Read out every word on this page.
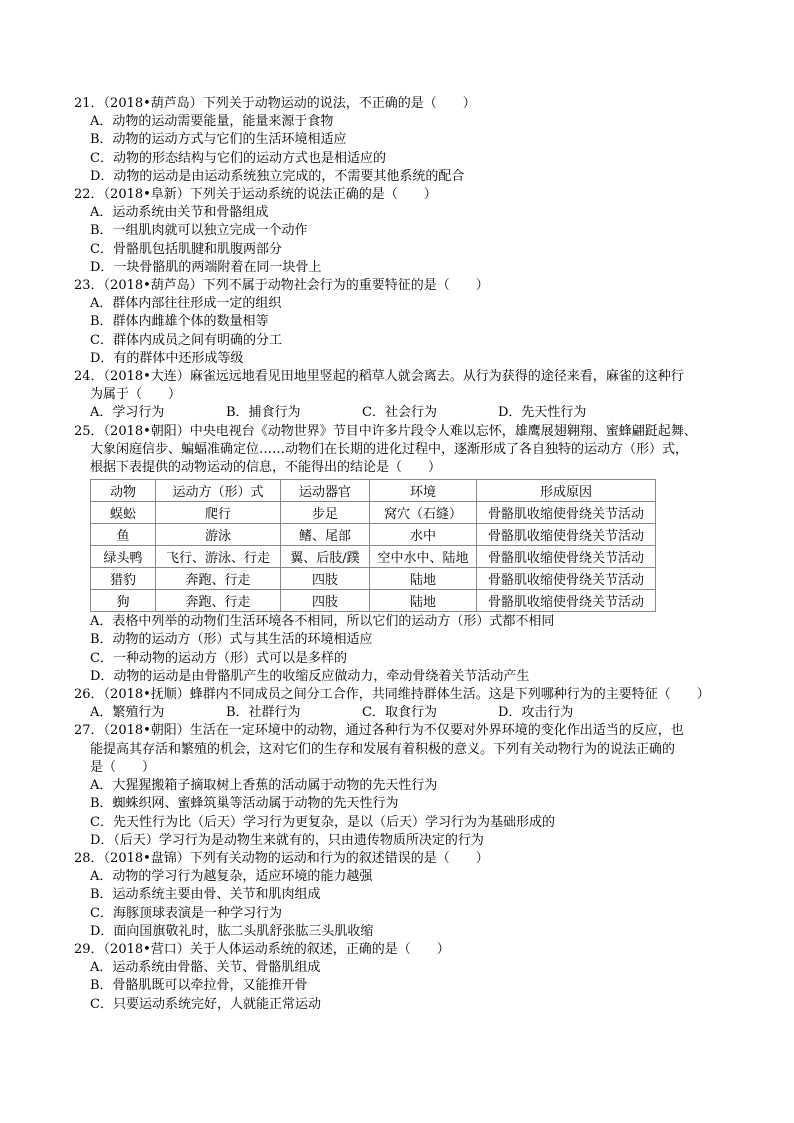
21．（2018•葫芦岛）下列关于动物运动的说法，不正确的是（　　）
A．动物的运动需要能量，能量来源于食物
B．动物的运动方式与它们的生活环境相适应
C．动物的形态结构与它们的运动方式也是相适应的
D．动物的运动是由运动系统独立完成的，不需要其他系统的配合
22．（2018•阜新）下列关于运动系统的说法正确的是（　　）
A．运动系统由关节和骨骼组成
B．一组肌肉就可以独立完成一个动作
C．骨骼肌包括肌腱和肌腹两部分
D．一块骨骼肌的两端附着在同一块骨上
23．（2018•葫芦岛）下列不属于动物社会行为的重要特征的是（　　）
A．群体内部往往形成一定的组织
B．群体内雌雄个体的数量相等
C．群体内成员之间有明确的分工
D．有的群体中还形成等级
24．（2018•大连）麻雀远远地看见田地里竖起的稻草人就会离去。从行为获得的途径来看，麻雀的这种行
为属于（　　）
A．学习行为	B．捕食行为	C．社会行为	D．先天性行为
25．（2018•朝阳）中央电视台《动物世界》节目中许多片段令人难以忘怀，雄鹰展翅翱翔、蜜蜂翩跹起舞、
大象闲庭信步、蝙蝠准确定位……动物们在长期的进化过程中，逐渐形成了各自独特的运动方（形）式，
根据下表提供的动物运动的信息，不能得出的结论是（　　）
动物	运动方（形）式	运动器官	环境	形成原因
蜈蚣	爬行	步足	窝穴（石缝）	骨骼肌收缩使骨绕关节活动
鱼	游泳	鳍、尾部	水中	骨骼肌收缩使骨绕关节活动
绿头鸭	飞行、游泳、行走	翼、后肢/蹼	空中水中、陆地	骨骼肌收缩使骨绕关节活动
猎豹	奔跑、行走	四肢	陆地	骨骼肌收缩使骨绕关节活动
狗	奔跑、行走	四肢	陆地	骨骼肌收缩使骨绕关节活动
A．表格中列举的动物们生活环境各不相同，所以它们的运动方（形）式都不相同
B．动物的运动方（形）式与其生活的环境相适应
C．一种动物的运动方（形）式可以是多样的
D．动物的运动是由骨骼肌产生的收缩反应做动力，牵动骨绕着关节活动产生
26．（2018•抚顺）蜂群内不同成员之间分工合作，共同维持群体生活。这是下列哪种行为的主要特征（　　）
A．繁殖行为	B．社群行为	C．取食行为	D．攻击行为
27．（2018•朝阳）生活在一定环境中的动物，通过各种行为不仅要对外界环境的变化作出适当的反应，也
能提高其存活和繁殖的机会，这对它们的生存和发展有着积极的意义。下列有关动物行为的说法正确的
是（　　）
A．大猩猩搬箱子摘取树上香蕉的活动属于动物的先天性行为
B．蜘蛛织网、蜜蜂筑巢等活动属于动物的先天性行为
C．先天性行为比（后天）学习行为更复杂，是以（后天）学习行为为基础形成的
D．（后天）学习行为是动物生来就有的，只由遗传物质所决定的行为
28．（2018•盘锦）下列有关动物的运动和行为的叙述错误的是（　　）
A．动物的学习行为越复杂，适应环境的能力越强
B．运动系统主要由骨、关节和肌肉组成
C．海豚顶球表演是一种学习行为
D．面向国旗敬礼时，肱二头肌舒张肱三头肌收缩
29．（2018•营口）关于人体运动系统的叙述，正确的是（　　）
A．运动系统由骨骼、关节、骨骼肌组成
B．骨骼肌既可以牵拉骨，又能推开骨
C．只要运动系统完好，人就能正常运动
